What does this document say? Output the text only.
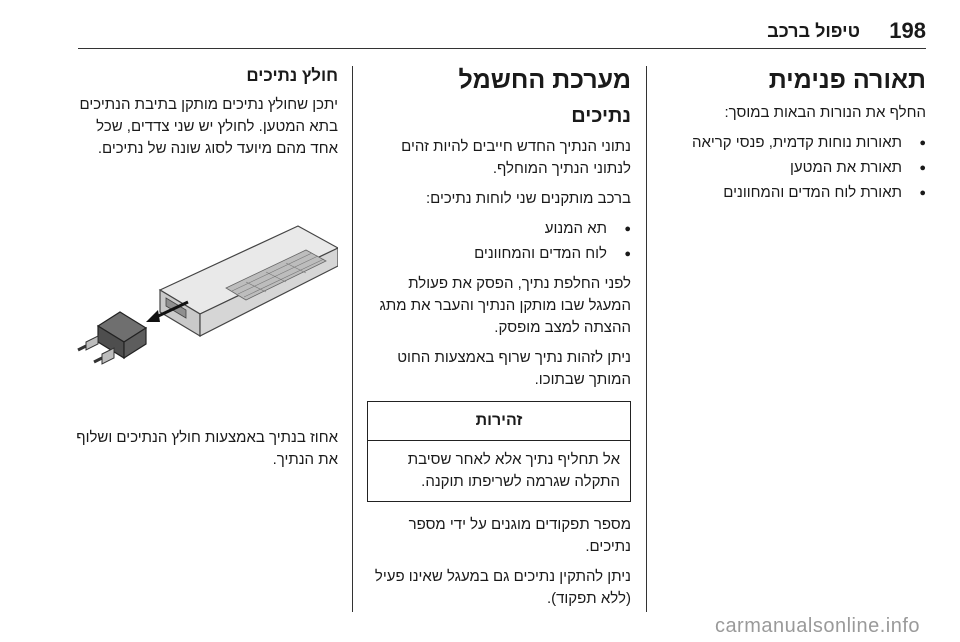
198
טיפול ברכב
תאורה פנימית

החלף את הנורות הבאות במוסך:

● תאורות נוחות קדמית, פנסי קריאה
● תאורת את המטען
● תאורת לוח המדים והמחוונים
מערכת החשמל
נתיכים

נתוני הנתיך החדש חייבים להיות זהים לנתוני הנתיך המוחלף.

ברכב מותקנים שני לוחות נתיכים:

● תא המנוע
● לוח המדים והמחוונים

לפני החלפת נתיך, הפסק את פעולת המעגל שבו מותקן הנתיך והעבר את מתג ההצתה למצב מופסק.

ניתן לזהות נתיך שרוף באמצעות החוט המותך שבתוכו.

זהירות
אל תחליף נתיך אלא לאחר שסיבת התקלה שגרמה לשריפתו תוקנה.

מספר תפקודים מוגנים על ידי מספר נתיכים.

ניתן להתקין נתיכים גם במעגל שאינו פעיל (ללא תפקוד).

חולץ נתיכים

יתכן שחולץ נתיכים מותקן בתיבת הנתיכים בתא המטען. לחולץ יש שני צדדים, שכל אחד מהם מיועד לסוג שונה של נתיכים.

אחוז בנתיך באמצעות חולץ הנתיכים ושלוף את הנתיך.

carmanualsonline.info
